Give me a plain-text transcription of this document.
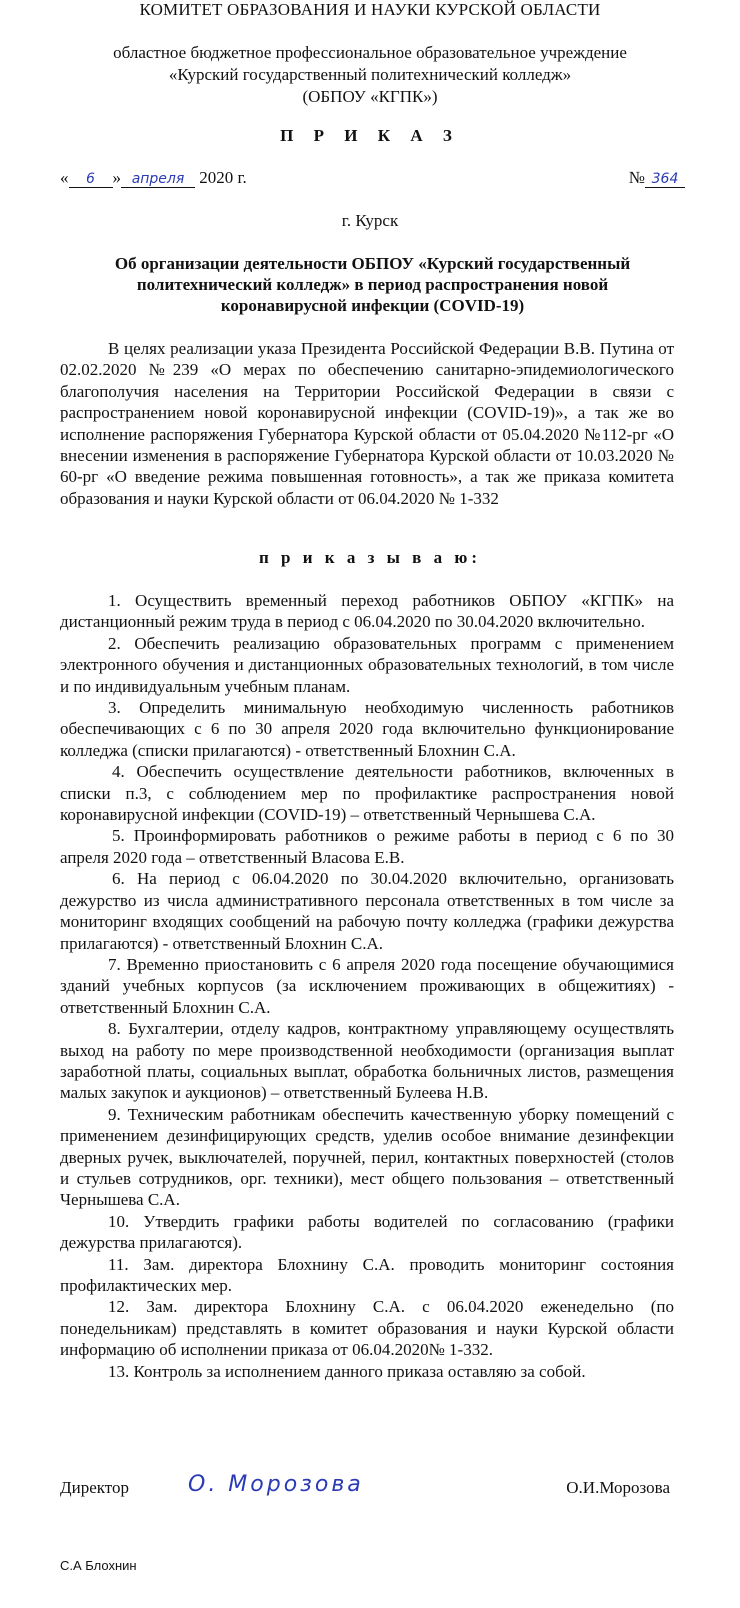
КОМИТЕТ ОБРАЗОВАНИЯ И НАУКИ КУРСКОЙ ОБЛАСТИ
областное бюджетное профессиональное образовательное учреждение
«Курский государственный политехнический колледж»
(ОБПОУ «КГПК»)
П Р И К А З
« 6 » апреля 2020 г.	№ 364
г. Курск
Об организации деятельности ОБПОУ «Курский государственный политехнический колледж» в период распространения новой коронавирусной инфекции (COVID-19)
В целях реализации указа Президента Российской Федерации В.В. Путина от 02.02.2020 №239 «О мерах по обеспечению санитарно-эпидемиологического благополучия населения на Территории Российской Федерации в связи с распространением новой коронавирусной инфекции (COVID-19)», а так же во исполнение распоряжения Губернатора Курской области от 05.04.2020 №112-рг «О внесении изменения в распоряжение Губернатора Курской области от 10.03.2020 № 60-рг «О введение режима повышенная готовность», а так же приказа комитета образования и науки Курской области от 06.04.2020 № 1-332
п р и к а з ы в а ю:

1. Осуществить временный переход работников ОБПОУ «КГПК» на дистанционный режим труда в период с 06.04.2020 по 30.04.2020 включительно.

2. Обеспечить реализацию образовательных программ с применением электронного обучения и дистанционных образовательных технологий, в том числе и по индивидуальным учебным планам.

3. Определить минимальную необходимую численность работников обеспечивающих с 6 по 30 апреля 2020 года включительно функционирование колледжа (списки прилагаются) - ответственный Блохнин С.А.

4. Обеспечить осуществление деятельности работников, включенных в списки п.3, с соблюдением мер по профилактике распространения новой коронавирусной инфекции (COVID-19) – ответственный Чернышева С.А.

5. Проинформировать работников о режиме работы в период с 6 по 30 апреля 2020 года – ответственный Власова Е.В.

6. На период с 06.04.2020 по 30.04.2020 включительно, организовать дежурство из числа административного персонала ответственных в том числе за мониторинг входящих сообщений на рабочую почту колледжа (графики дежурства прилагаются) - ответственный Блохнин С.А.

7. Временно приостановить с 6 апреля 2020 года посещение обучающимися зданий учебных корпусов (за исключением проживающих в общежитиях) - ответственный Блохнин С.А.

8. Бухгалтерии, отделу кадров, контрактному управляющему осуществлять выход на работу по мере производственной необходимости (организация выплат заработной платы, социальных выплат, обработка больничных листов, размещения малых закупок и аукционов) – ответственный Булеева Н.В.

9. Техническим работникам обеспечить качественную уборку помещений с применением дезинфицирующих средств, уделив особое внимание дезинфекции дверных ручек, выключателей, поручней, перил, контактных поверхностей (столов и стульев сотрудников, орг. техники), мест общего пользования – ответственный Чернышева С.А.

10. Утвердить графики работы водителей по согласованию (графики дежурства прилагаются).

11. Зам. директора Блохнину С.А. проводить мониторинг состояния профилактических мер.

12. Зам. директора Блохнину С.А. с 06.04.2020 еженедельно (по понедельникам) представлять в комитет образования и науки Курской области информацию об исполнении приказа от 06.04.2020№ 1-332.

13. Контроль за исполнением данного приказа оставляю за собой.

Директор	О. Морозова	О.И.Морозова
С.А Блохнин
